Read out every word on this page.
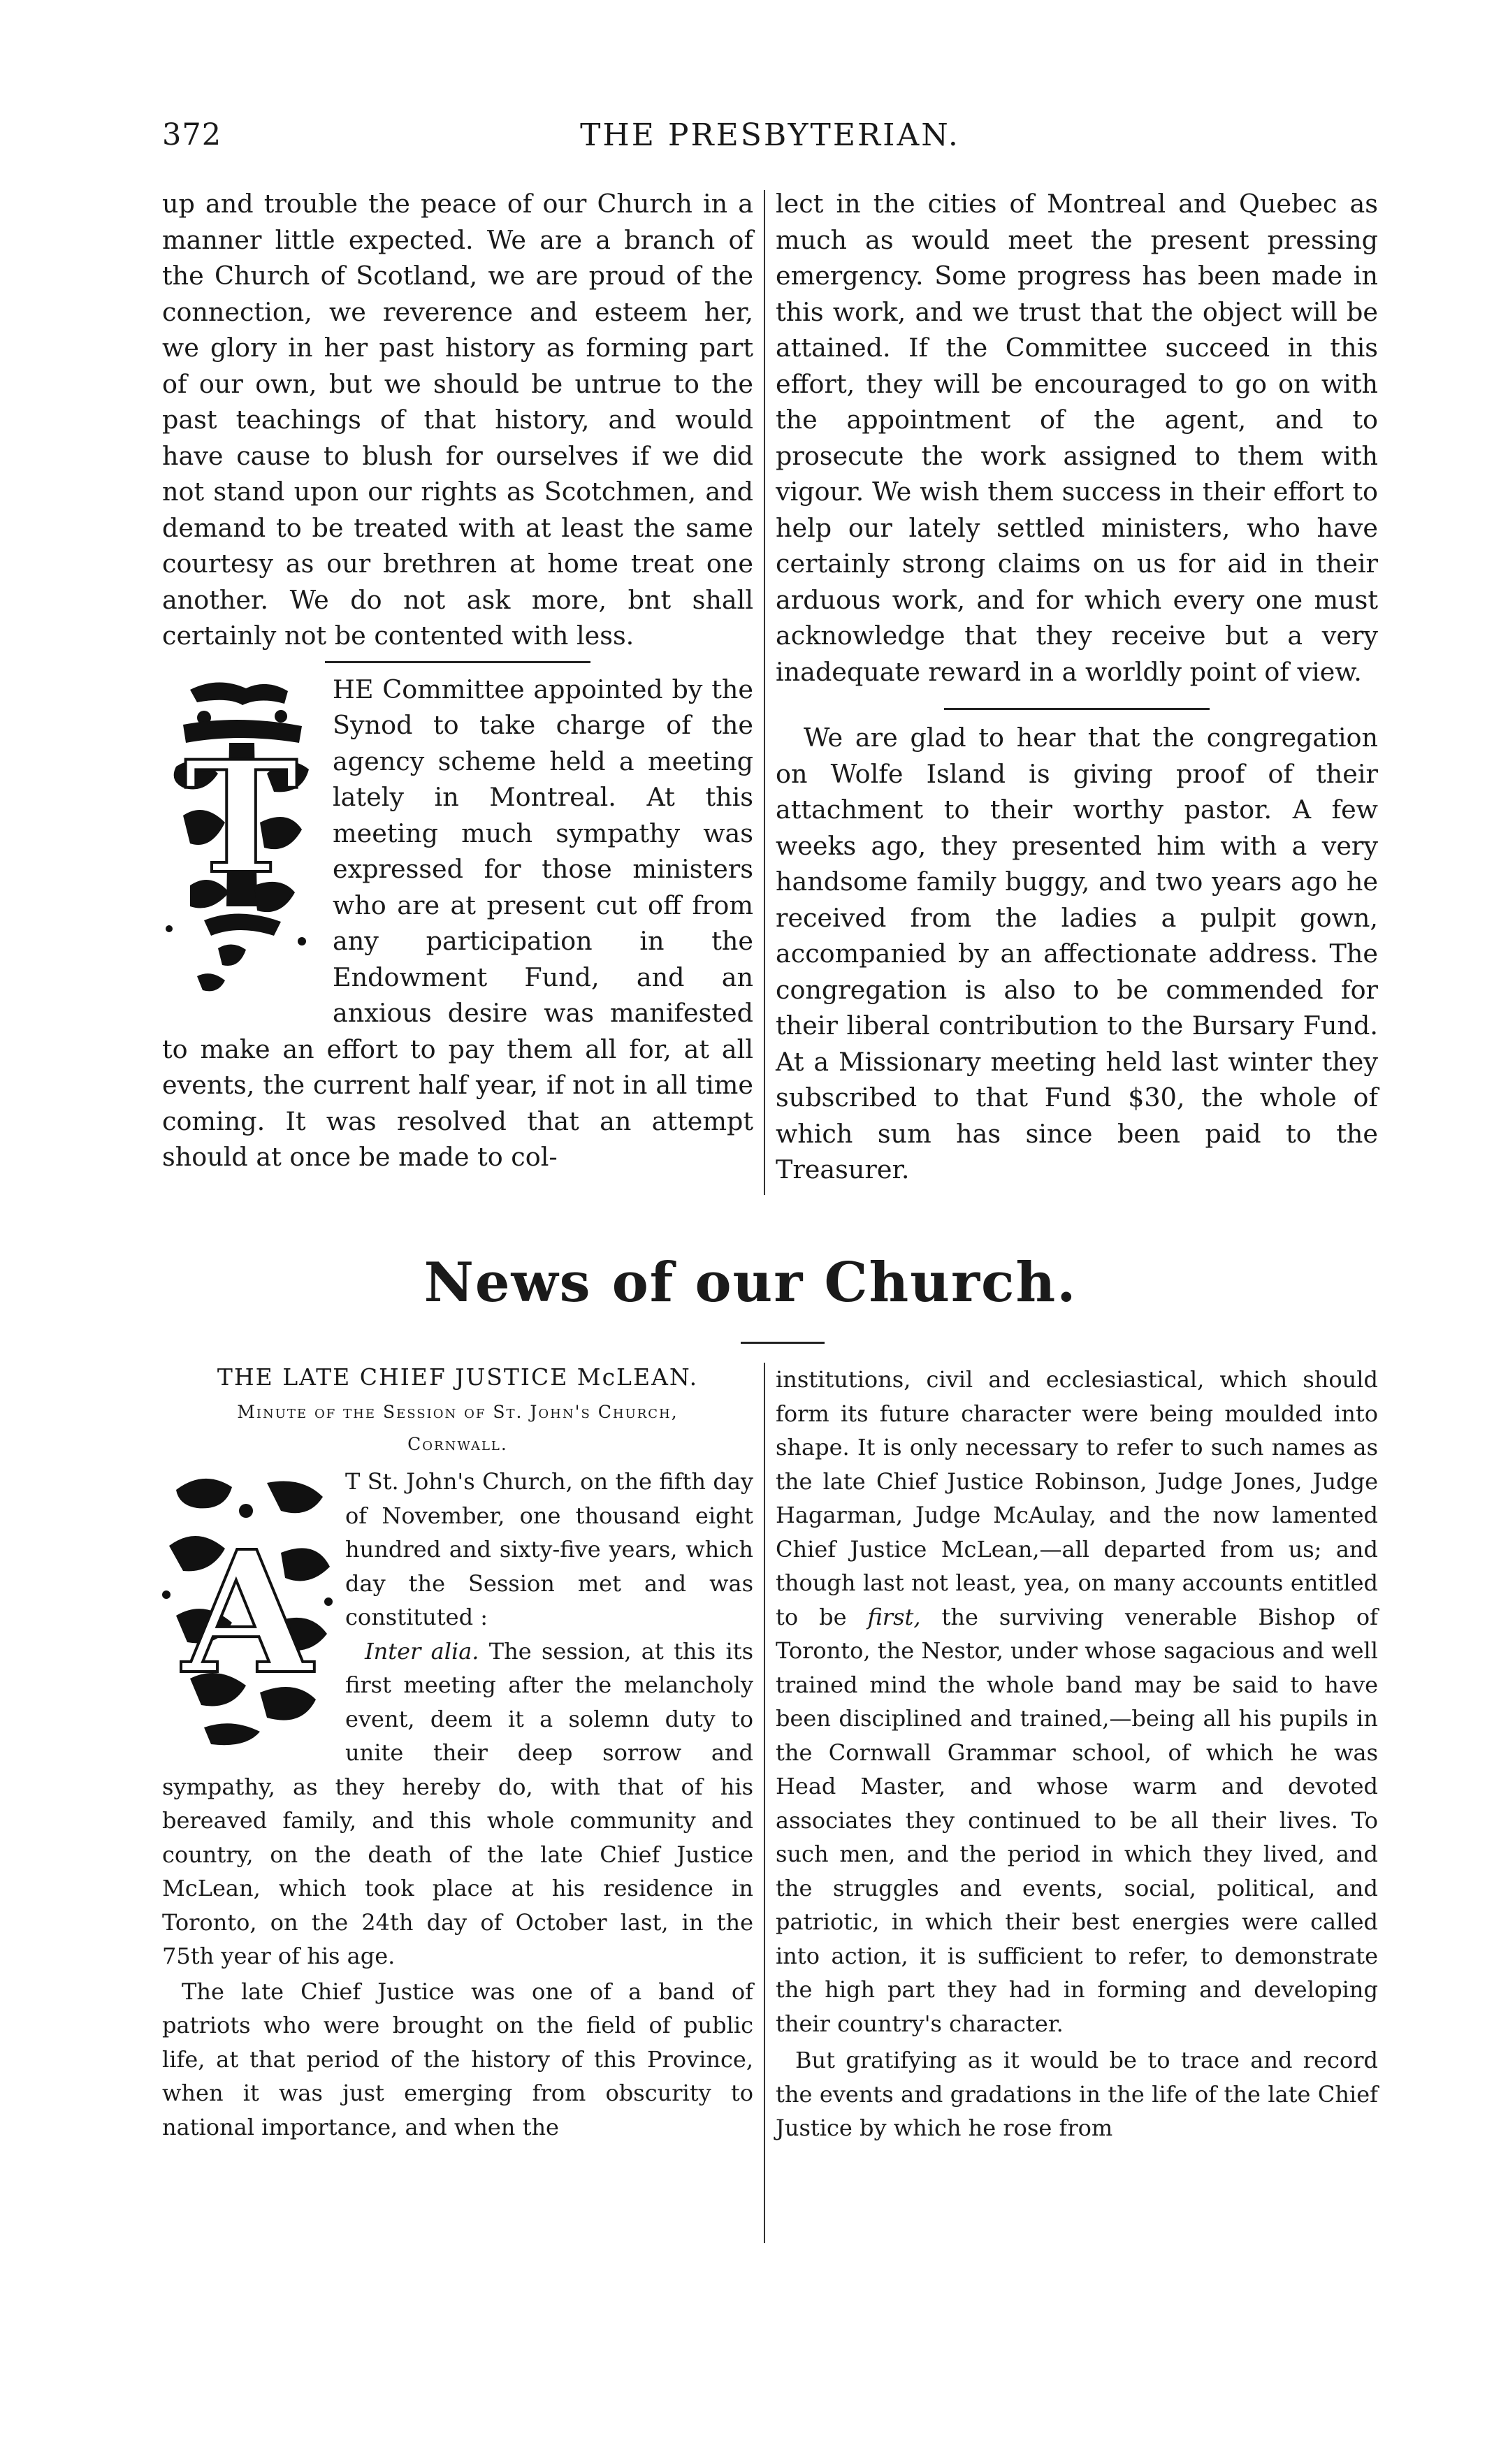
372	THE PRESBYTERIAN.

up and trouble the peace of our Church in a manner little expected. We are a branch of the Church of Scotland, we are proud of the connection, we reverence and esteem her, we glory in her past history as forming part of our own, but we should be untrue to the past teachings of that history, and would have cause to blush for ourselves if we did not stand upon our rights as Scotchmen, and demand to be treated with at least the same courtesy as our brethren at home treat one another. We do not ask more, bnt shall certainly not be contented with less.

T
HE Committee appointed by the Synod to take charge of the agency scheme held a meeting lately in Montreal. At this meeting much sympathy was expressed for those ministers who are at present cut off from any participation in the Endowment Fund, and an anxious desire was manifested to make an effort to pay them all for, at all events, the current half year, if not in all time coming. It was resolved that an attempt should at once be made to col-

lect in the cities of Montreal and Quebec as much as would meet the present pressing emergency. Some progress has been made in this work, and we trust that the object will be attained. If the Committee succeed in this effort, they will be encouraged to go on with the appointment of the agent, and to prosecute the work assigned to them with vigour. We wish them success in their effort to help our lately settled ministers, who have certainly strong claims on us for aid in their arduous work, and for which every one must acknowledge that they receive but a very inadequate reward in a worldly point of view.

We are glad to hear that the congregation on Wolfe Island is giving proof of their attachment to their worthy pastor. A few weeks ago, they presented him with a very handsome family buggy, and two years ago he received from the ladies a pulpit gown, accompanied by an affectionate address. The congregation is also to be commended for their liberal contribution to the Bursary Fund. At a Missionary meeting held last winter they subscribed to that Fund $30, the whole of which sum has since been paid to the Treasurer.

News of our Church.
THE LATE CHIEF JUSTICE McLEAN.
Minute of the Session of St. John's Church,
Cornwall.
A
T St. John's Church, on the fifth day of November, one thousand eight hundred and sixty-five years, which day the Session met and was constituted :
Inter alia. The session, at this its first meeting after the melancholy event, deem it a solemn duty to unite their deep sorrow and sympathy, as they hereby do, with that of his bereaved family, and this whole community and country, on the death of the late Chief Justice McLean, which took place at his residence in Toronto, on the 24th day of October last, in the 75th year of his age.

The late Chief Justice was one of a band of patriots who were brought on the field of public life, at that period of the history of this Province, when it was just emerging from obscurity to national importance, and when the

institutions, civil and ecclesiastical, which should form its future character were being moulded into shape. It is only necessary to refer to such names as the late Chief Justice Robinson, Judge Jones, Judge Hagarman, Judge McAulay, and the now lamented Chief Justice McLean,—all departed from us; and though last not least, yea, on many accounts entitled to be first, the surviving venerable Bishop of Toronto, the Nestor, under whose sagacious and well trained mind the whole band may be said to have been disciplined and trained,—being all his pupils in the Cornwall Grammar school, of which he was Head Master, and whose warm and devoted associates they continued to be all their lives. To such men, and the period in which they lived, and the struggles and events, social, political, and patriotic, in which their best energies were called into action, it is sufficient to refer, to demonstrate the high part they had in forming and developing their country's character.

But gratifying as it would be to trace and record the events and gradations in the life of the late Chief Justice by which he rose from
